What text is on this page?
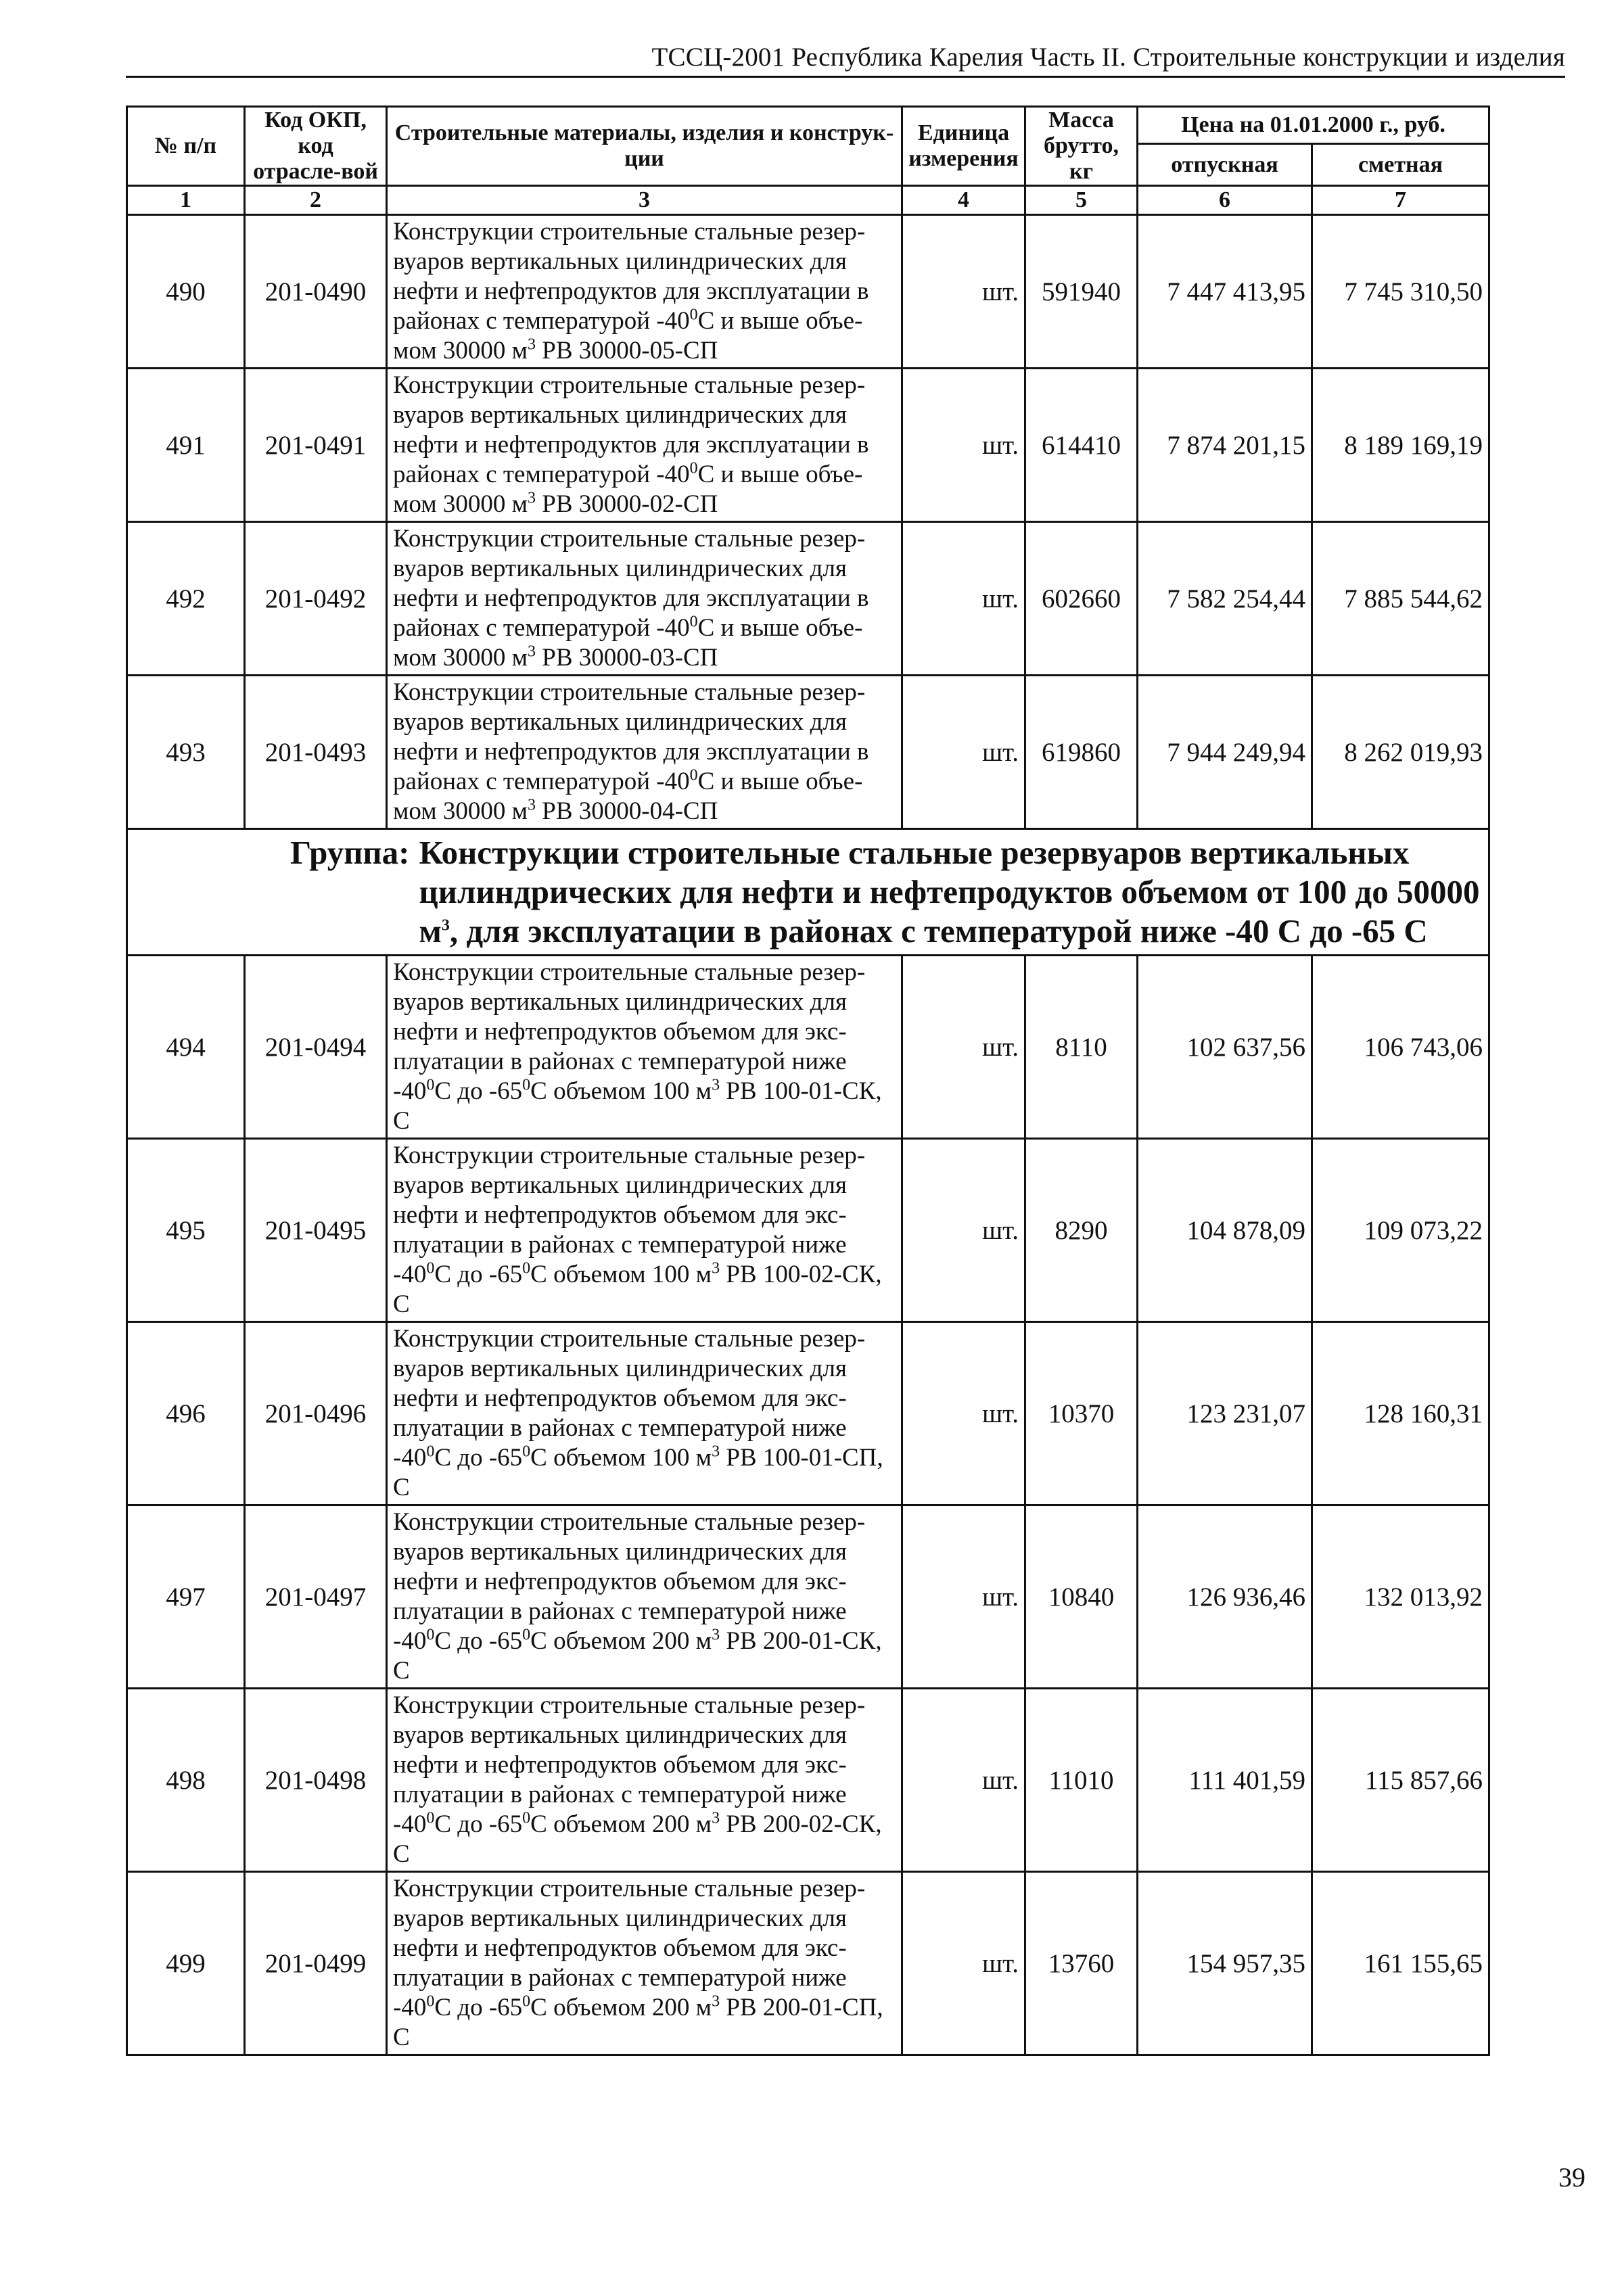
ТССЦ-2001 Республика Карелия Часть II. Строительные конструкции и изделия
№ п/п	Код ОКП, код отрасле-вой	Строительные материалы, изделия и конструк-ции	Единица измерения	Масса брутто, кг	Цена на 01.01.2000 г., руб.	
					отпускная	сметная
1	2	3	4	5	6	7
490	201-0490	Конструкции строительные стальные резер-вуаров вертикальных цилиндрических для нефти и нефтепродуктов для эксплуатации в районах с температурой $-40^0С$ и выше объе-мом 30000 $м^3$ РВ 30000-05-СП	шт.	591940	7 447 413,95	7 745 310,50
491	201-0491	Конструкции строительные стальные резер-вуаров вертикальных цилиндрических для нефти и нефтепродуктов для эксплуатации в районах с температурой $-40^0С$ и выше объе-мом 30000 $м^3$ РВ 30000-02-СП	шт.	614410	7 874 201,15	8 189 169,19
492	201-0492	Конструкции строительные стальные резер-вуаров вертикальных цилиндрических для нефти и нефтепродуктов для эксплуатации в районах с температурой $-40^0С$ и выше объе-мом 30000 $м^3$ РВ 30000-03-СП	шт.	602660	7 582 254,44	7 885 544,62
493	201-0493	Конструкции строительные стальные резер-вуаров вертикальных цилиндрических для нефти и нефтепродуктов для эксплуатации в районах с температурой $-40^0С$ и выше объе-мом 30000 $м^3$ РВ 30000-04-СП	шт.	619860	7 944 249,94	8 262 019,93

Группа: Конструкции строительные стальные резервуаров вертикальных цилиндрических для нефти и нефтепродуктов объемом от 100 до 50000 $м^3$, для эксплуатации в районах с температурой ниже -40 С до -65 С						

494	201-0494	Конструкции строительные стальные резер-вуаров вертикальных цилиндрических для нефти и нефтепродуктов объемом для экс-плуатации в районах с температурой ниже $-40^0С$ до $-65^0С$ объемом 100 $м^3$ РВ 100-01-СК, С	шт.	8110	102 637,56	106 743,06
495	201-0495	Конструкции строительные стальные резер-вуаров вертикальных цилиндрических для нефти и нефтепродуктов объемом для экс-плуатации в районах с температурой ниже $-40^0С$ до $-65^0С$ объемом 100 $м^3$ РВ 100-02-СК, С	шт.	8290	104 878,09	109 073,22
496	201-0496	Конструкции строительные стальные резер-вуаров вертикальных цилиндрических для нефти и нефтепродуктов объемом для экс-плуатации в районах с температурой ниже $-40^0С$ до $-65^0С$ объемом 100 $м^3$ РВ 100-01-СП, С	шт.	10370	123 231,07	128 160,31
497	201-0497	Конструкции строительные стальные резер-вуаров вертикальных цилиндрических для нефти и нефтепродуктов объемом для экс-плуатации в районах с температурой ниже $-40^0С$ до $-65^0С$ объемом 200 $м^3$ РВ 200-01-СК, С	шт.	10840	126 936,46	132 013,92
498	201-0498	Конструкции строительные стальные резер-вуаров вертикальных цилиндрических для нефти и нефтепродуктов объемом для экс-плуатации в районах с температурой ниже $-40^0С$ до $-65^0С$ объемом 200 $м^3$ РВ 200-02-СК, С	шт.	11010	111 401,59	115 857,66
499	201-0499	Конструкции строительные стальные резер-вуаров вертикальных цилиндрических для нефти и нефтепродуктов объемом для экс-плуатации в районах с температурой ниже $-40^0С$ до $-65^0С$ объемом 200 $м^3$ РВ 200-01-СП, С	шт.	13760	154 957,35	161 155,65
39
